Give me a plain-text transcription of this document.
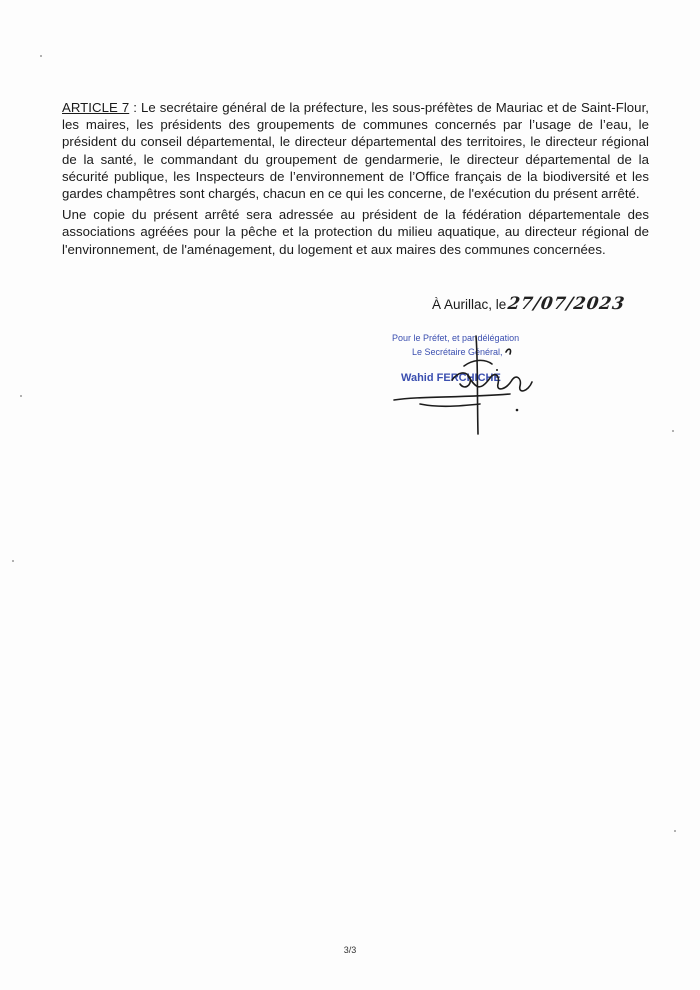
ARTICLE 7 : Le secrétaire général de la préfecture, les sous-préfètes de Mauriac et de Saint-Flour, les maires, les présidents des groupements de communes concernés par l’usage de l’eau, le président du conseil départemental, le directeur départemental des territoires, le directeur régional de la santé, le commandant du groupement de gendarmerie, le directeur départemental de la sécurité publique, les Inspecteurs de l’environnement de l’Office français de la biodiversité et les gardes champêtres sont chargés, chacun en ce qui les concerne, de l'exécution du présent arrêté.

Une copie du présent arrêté sera adressée au président de la fédération départementale des associations agréées pour la pêche et la protection du milieu aquatique, au directeur régional de l'environnement, de l'aménagement, du logement et aux maires des communes concernées.

À Aurillac, le27/07/2023
Pour le Préfet, et par délégation
Le Secrétaire Général,
Wahid FERCHICHE
3/3
